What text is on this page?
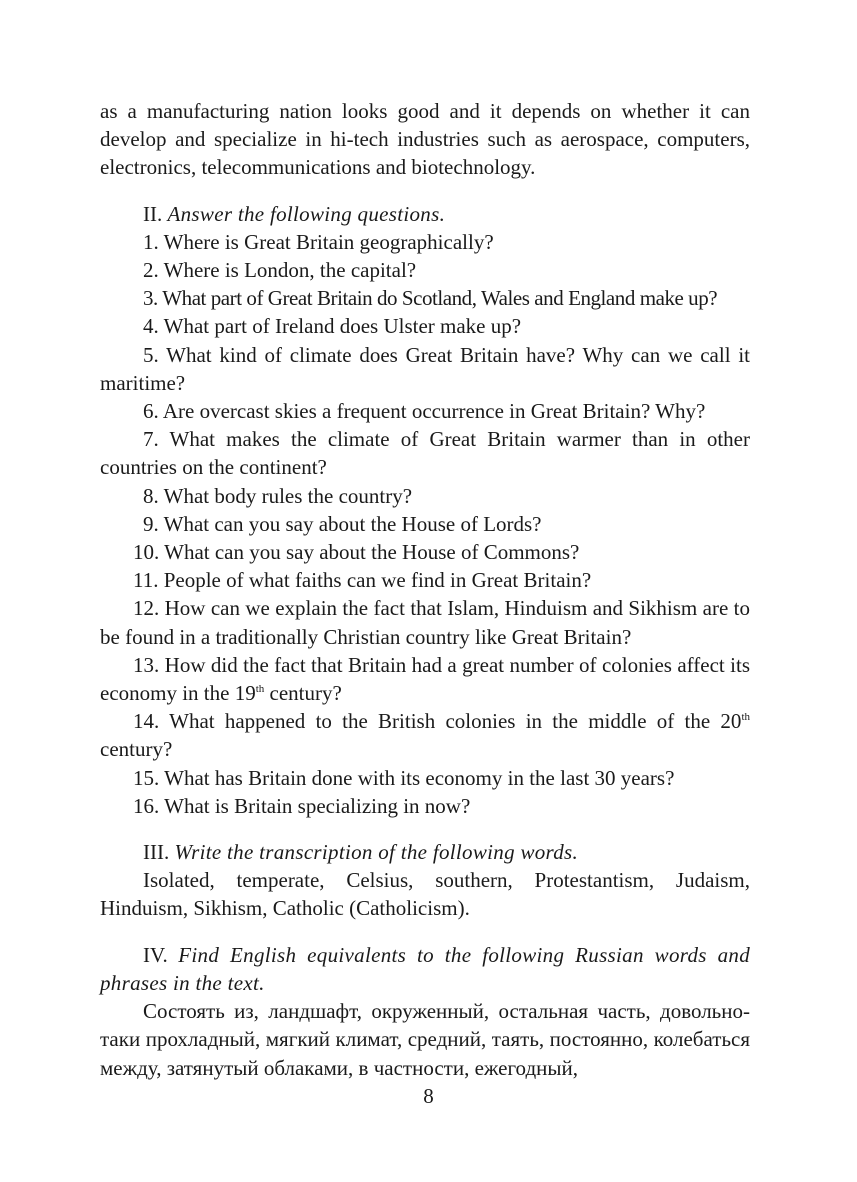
as a manufacturing nation looks good and it depends on whether it can develop and specialize in hi-tech industries such as aerospace, computers, electronics, telecommunications and biotechnology.

II. Answer the following questions.

1. Where is Great Britain geographically?

2. Where is London, the capital?

3. What part of Great Britain do Scotland, Wales and England make up?

4. What part of Ireland does Ulster make up?

5. What kind of climate does Great Britain have? Why can we call it maritime?

6. Are overcast skies a frequent occurrence in Great Britain? Why?

7. What makes the climate of Great Britain warmer than in other countries on the continent?

8. What body rules the country?

9. What can you say about the House of Lords?

10. What can you say about the House of Commons?

11. People of what faiths can we find in Great Britain?

12. How can we explain the fact that Islam, Hinduism and Sikhism are to be found in a traditionally Christian country like Great Britain?

13. How did the fact that Britain had a great number of colonies affect its economy in the 19th century?

14. What happened to the British colonies in the middle of the 20th century?

15. What has Britain done with its economy in the last 30 years?

16. What is Britain specializing in now?

III. Write the transcription of the following words.

Isolated, temperate, Celsius, southern, Protestantism, Judaism, Hinduism, Sikhism, Catholic (Catholicism).

IV. Find English equivalents to the following Russian words and phrases in the text.

Состоять из, ландшафт, окруженный, остальная часть, довольно-таки прохладный, мягкий климат, средний, таять, постоянно, колебаться между, затянутый облаками, в частности, ежегодный,

8
